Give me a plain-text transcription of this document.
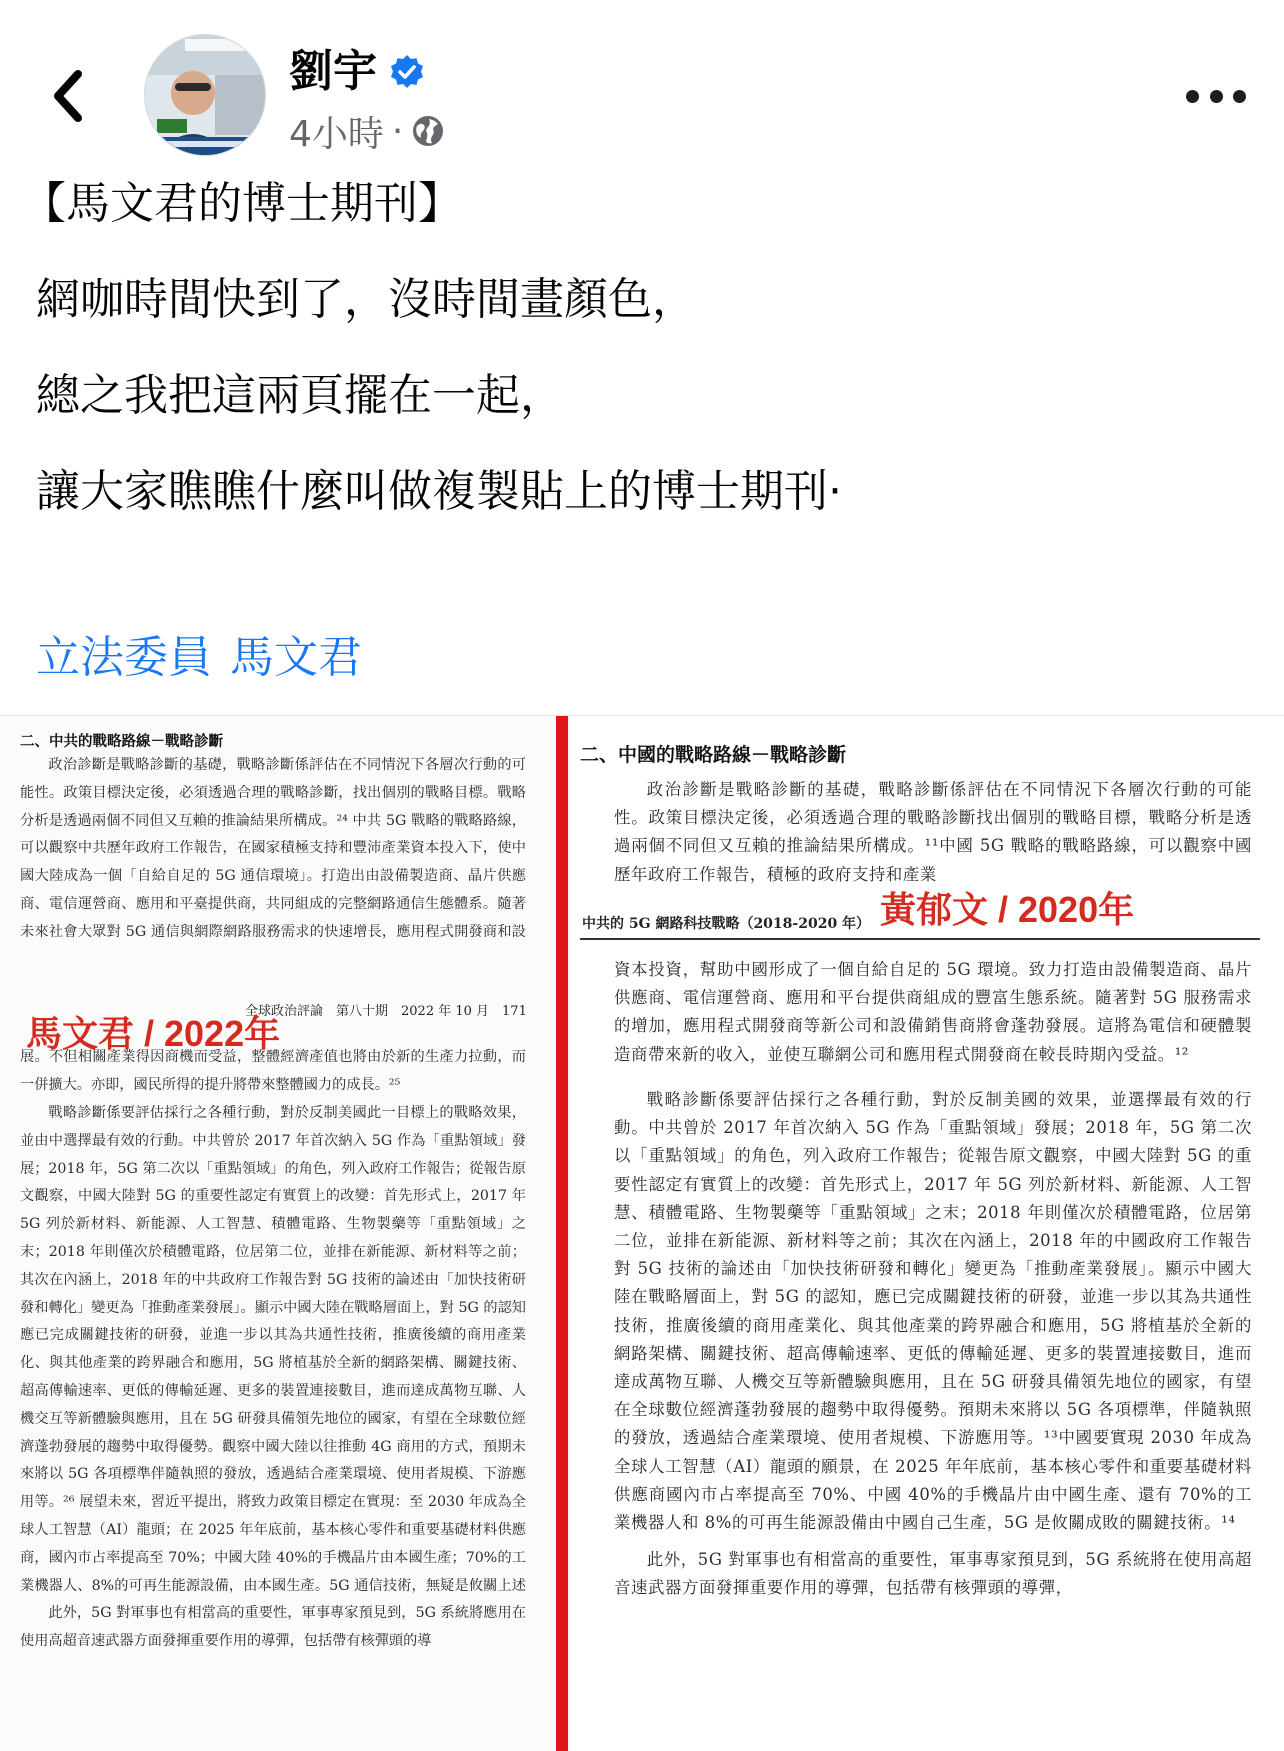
劉宇
4小時 ·
【馬文君的博士期刊】
網咖時間快到了，沒時間畫顏色，
總之我把這兩頁擺在一起，
讓大家瞧瞧什麼叫做複製貼上的博士期刊·
立法委員 馬文君
二、中共的戰略路線－戰略診斷

政治診斷是戰略診斷的基礎，戰略診斷係評估在不同情況下各層次行動的可能性。政策目標決定後，必須透過合理的戰略診斷，找出個別的戰略目標。戰略分析是透過兩個不同但又互賴的推論結果所構成。²⁴ 中共 5G 戰略的戰略路線，可以觀察中共歷年政府工作報告，在國家積極支持和豐沛產業資本投入下，使中國大陸成為一個「自給自足的 5G 通信環境」。打造出由設備製造商、晶片供應商、電信運營商、應用和平臺提供商，共同組成的完整網路通信生態體系。隨著未來社會大眾對 5G 通信與網際網路服務需求的快速增長，應用程式開發商和設

全球政治評論　第八十期　2022 年 10 月　171
馬文君 / 2022年

展。不但相關產業得因商機而受益，整體經濟產值也將由於新的生產力拉動，而一併擴大。亦即，國民所得的提升將帶來整體國力的成長。²⁵

戰略診斷係要評估採行之各種行動，對於反制美國此一目標上的戰略效果，並由中選擇最有效的行動。中共曾於 2017 年首次納入 5G 作為「重點領域」發展；2018 年，5G 第二次以「重點領域」的角色，列入政府工作報告；從報告原文觀察，中國大陸對 5G 的重要性認定有實質上的改變：首先形式上，2017 年 5G 列於新材料、新能源、人工智慧、積體電路、生物製藥等「重點領域」之末；2018 年則僅次於積體電路，位居第二位，並排在新能源、新材料等之前；其次在內涵上，2018 年的中共政府工作報告對 5G 技術的論述由「加快技術研發和轉化」變更為「推動產業發展」。顯示中國大陸在戰略層面上，對 5G 的認知應已完成關鍵技術的研發，並進一步以其為共通性技術，推廣後續的商用產業化、與其他產業的跨界融合和應用，5G 將植基於全新的網路架構、關鍵技術、超高傳輸速率、更低的傳輸延遲、更多的裝置連接數目，進而達成萬物互聯、人機交互等新體驗與應用，且在 5G 研發具備領先地位的國家，有望在全球數位經濟蓬勃發展的趨勢中取得優勢。觀察中國大陸以往推動 4G 商用的方式，預期未來將以 5G 各項標準伴隨執照的發放，透過結合產業環境、使用者規模、下游應用等。²⁶ 展望未來，習近平提出，將致力政策目標定在實現：至 2030 年成為全球人工智慧（AI）龍頭；在 2025 年年底前，基本核心零件和重要基礎材料供應商，國內市占率提高至 70%；中國大陸 40%的手機晶片由本國生產；70%的工業機器人、8%的可再生能源設備，由本國生產。5G 通信技術，無疑是攸關上述

此外，5G 對軍事也有相當高的重要性，軍事專家預見到，5G 系統將應用在使用高超音速武器方面發揮重要作用的導彈，包括帶有核彈頭的導

二、中國的戰略路線－戰略診斷

政治診斷是戰略診斷的基礎，戰略診斷係評估在不同情況下各層次行動的可能性。政策目標決定後，必須透過合理的戰略診斷找出個別的戰略目標，戰略分析是透過兩個不同但又互賴的推論結果所構成。¹¹中國 5G 戰略的戰略路線，可以觀察中國歷年政府工作報告，積極的政府支持和產業

黃郁文 / 2020年
中共的 5G 網路科技戰略（2018-2020 年）

資本投資，幫助中國形成了一個自給自足的 5G 環境。致力打造由設備製造商、晶片供應商、電信運營商、應用和平台提供商組成的豐富生態系統。隨著對 5G 服務需求的增加，應用程式開發商等新公司和設備銷售商將會蓬勃發展。這將為電信和硬體製造商帶來新的收入，並使互聯網公司和應用程式開發商在較長時期內受益。¹²

戰略診斷係要評估採行之各種行動，對於反制美國的效果，並選擇最有效的行動。中共曾於 2017 年首次納入 5G 作為「重點領域」發展；2018 年，5G 第二次以「重點領域」的角色，列入政府工作報告；從報告原文觀察，中國大陸對 5G 的重要性認定有實質上的改變：首先形式上，2017 年 5G 列於新材料、新能源、人工智慧、積體電路、生物製藥等「重點領域」之末；2018 年則僅次於積體電路，位居第二位，並排在新能源、新材料等之前；其次在內涵上，2018 年的中國政府工作報告對 5G 技術的論述由「加快技術研發和轉化」變更為「推動產業發展」。顯示中國大陸在戰略層面上，對 5G 的認知，應已完成關鍵技術的研發，並進一步以其為共通性技術，推廣後續的商用產業化、與其他產業的跨界融合和應用，5G 將植基於全新的網路架構、關鍵技術、超高傳輸速率、更低的傳輸延遲、更多的裝置連接數目，進而達成萬物互聯、人機交互等新體驗與應用，且在 5G 研發具備領先地位的國家，有望在全球數位經濟蓬勃發展的趨勢中取得優勢。預期未來將以 5G 各項標準，伴隨執照的發放，透過結合產業環境、使用者規模、下游應用等。¹³中國要實現 2030 年成為全球人工智慧（AI）龍頭的願景，在 2025 年年底前，基本核心零件和重要基礎材料供應商國內市占率提高至 70%、中國 40%的手機晶片由中國生產、還有 70%的工業機器人和 8%的可再生能源設備由中國自己生產，5G 是攸關成敗的關鍵技術。¹⁴

此外，5G 對軍事也有相當高的重要性，軍事專家預見到，5G 系統將在使用高超音速武器方面發揮重要作用的導彈，包括帶有核彈頭的導彈，
